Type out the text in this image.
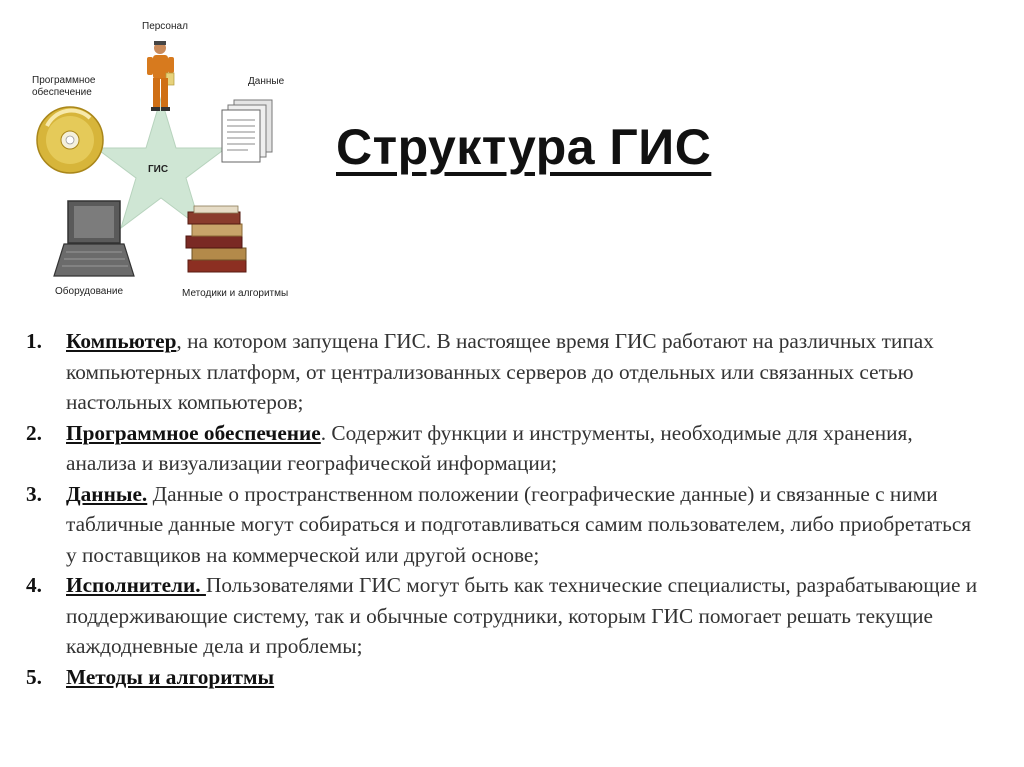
Персонал
Программное
обеспечение
Данные
ГИС
Оборудование	Методики и алгоритмы
Структура ГИС
1. Компьютер, на котором запущена ГИС. В настоящее время ГИС работают на различных типах компьютерных платформ, от централизованных серверов до отдельных или связанных сетью настольных компьютеров;
2. Программное обеспечение. Содержит функции и инструменты, необходимые для хранения, анализа и визуализации географической информации;
3. Данные. Данные о пространственном положении (географические данные) и связанные с ними табличные данные могут собираться и подготавливаться самим пользователем, либо приобретаться у поставщиков на коммерческой или другой основе;
4. Исполнители. Пользователями ГИС могут быть как технические специалисты, разрабатывающие и поддерживающие систему, так и обычные сотрудники, которым ГИС помогает решать текущие каждодневные дела и проблемы;
5. Методы и алгоритмы
